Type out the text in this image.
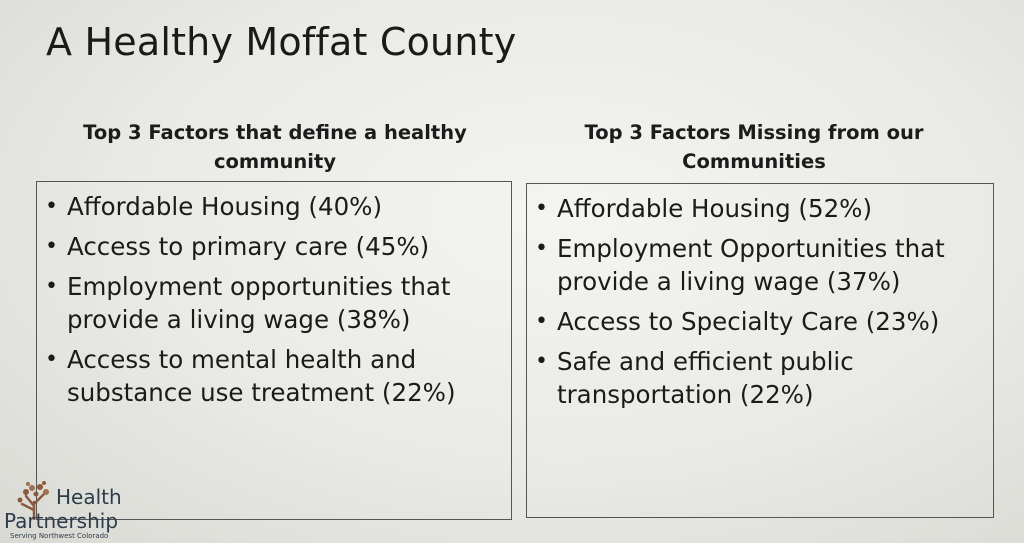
A Healthy Moffat County
Top 3 Factors that define a healthy community
Top 3 Factors Missing from our Communities
• Affordable Housing (40%)
• Access to primary care (45%)
• Employment opportunities that provide a living wage (38%)
• Access to mental health and substance use treatment (22%)
• Affordable Housing (52%)
• Employment Opportunities that provide a living wage (37%)
• Access to Specialty Care (23%)
• Safe and efficient public transportation (22%)
Health
Partnership
Serving Northwest Colorado
